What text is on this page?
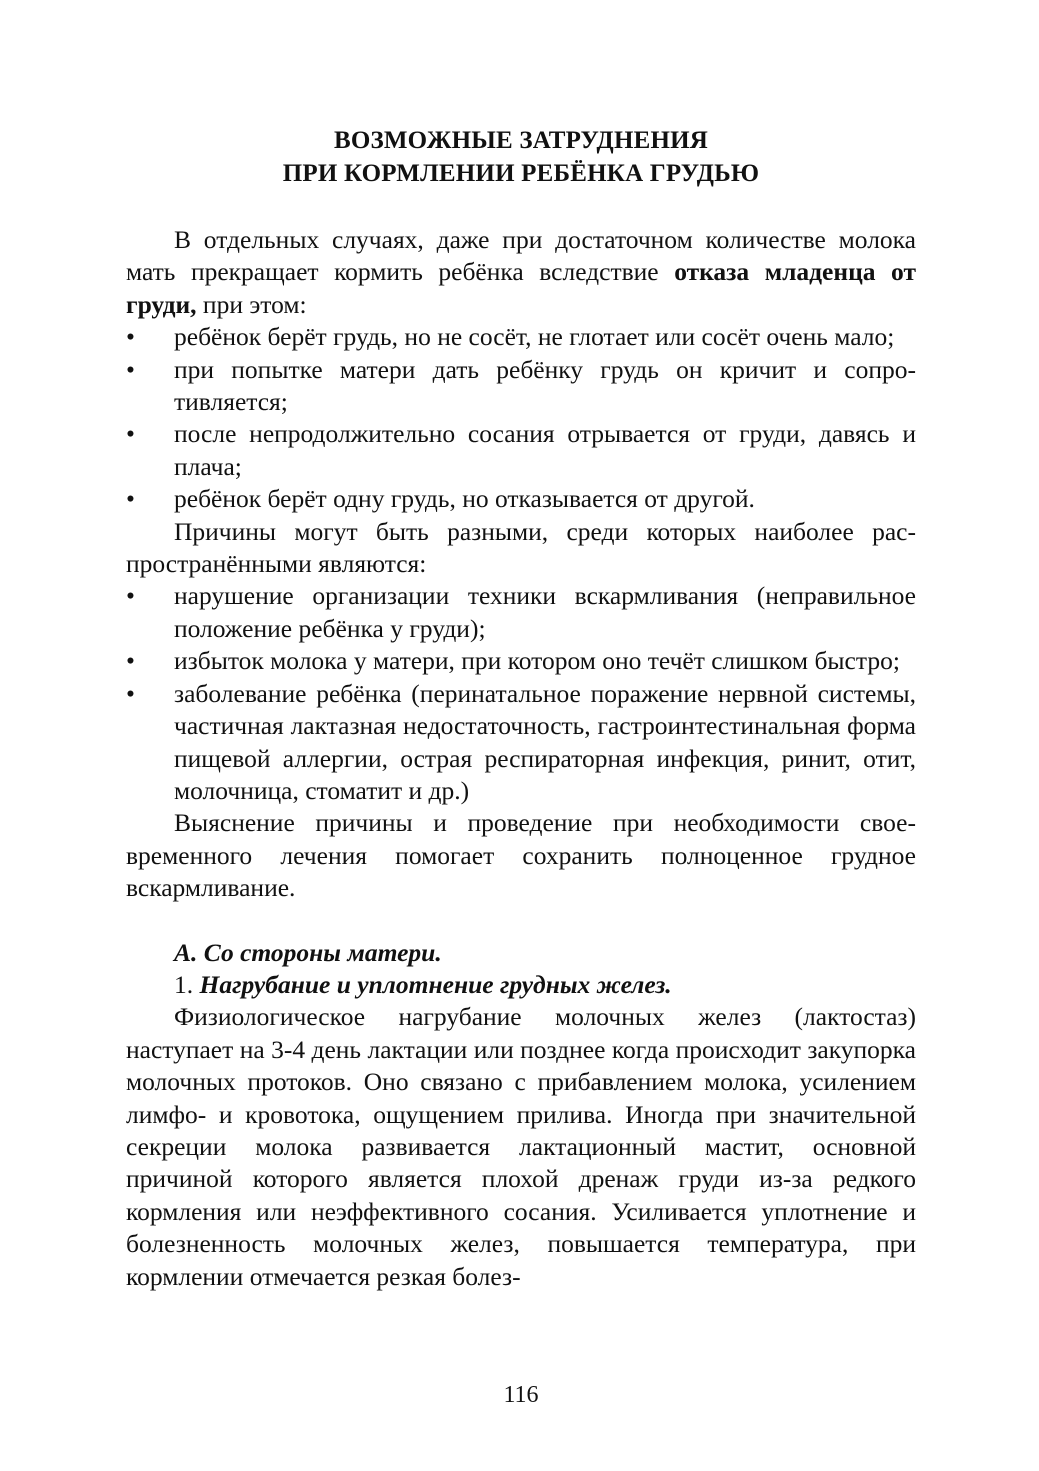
ВОЗМОЖНЫЕ ЗАТРУДНЕНИЯ
ПРИ КОРМЛЕНИИ РЕБЁНКА ГРУДЬЮ

В отдельных случаях, даже при достаточном количестве молока мать прекращает кормить ребёнка вследствие отказа младенца от груди, при этом:

•	ребёнок берёт грудь, но не сосёт, не глотает или сосёт очень мало;
•	при попытке матери дать ребёнку грудь он кричит и сопротивляется;
•	после непродолжительно сосания отрывается от груди, давясь и плача;
•	ребёнок берёт одну грудь, но отказывается от другой.

Причины могут быть разными, среди которых наиболее распространёнными являются:

•	нарушение организации техники вскармливания (неправильное положение ребёнка у груди);
•	избыток молока у матери, при котором оно течёт слишком быстро;
•	заболевание ребёнка (перинатальное поражение нервной системы, частичная лактазная недостаточность, гастроинтестинальная форма пищевой аллергии, острая респираторная инфекция, ринит, отит, молочница, стоматит и др.)

Выяснение причины и проведение при необходимости своевременного лечения помогает сохранить полноценное грудное вскармливание.

А. Со стороны матери.

1. Нагрубание и уплотнение грудных желез.

Физиологическое нагрубание молочных желез (лактостаз) наступает на 3-4 день лактации или позднее когда происходит закупорка молочных протоков. Оно связано с прибавлением молока, усилением лимфо- и кровотока, ощущением прилива. Иногда при значительной секреции молока развивается лактационный мастит, основной причиной которого является плохой дренаж груди из-за редкого кормления или неэффективного сосания. Усиливается уплотнение и болезненность молочных желез, повышается температура, при кормлении отмечается резкая болез-

116
